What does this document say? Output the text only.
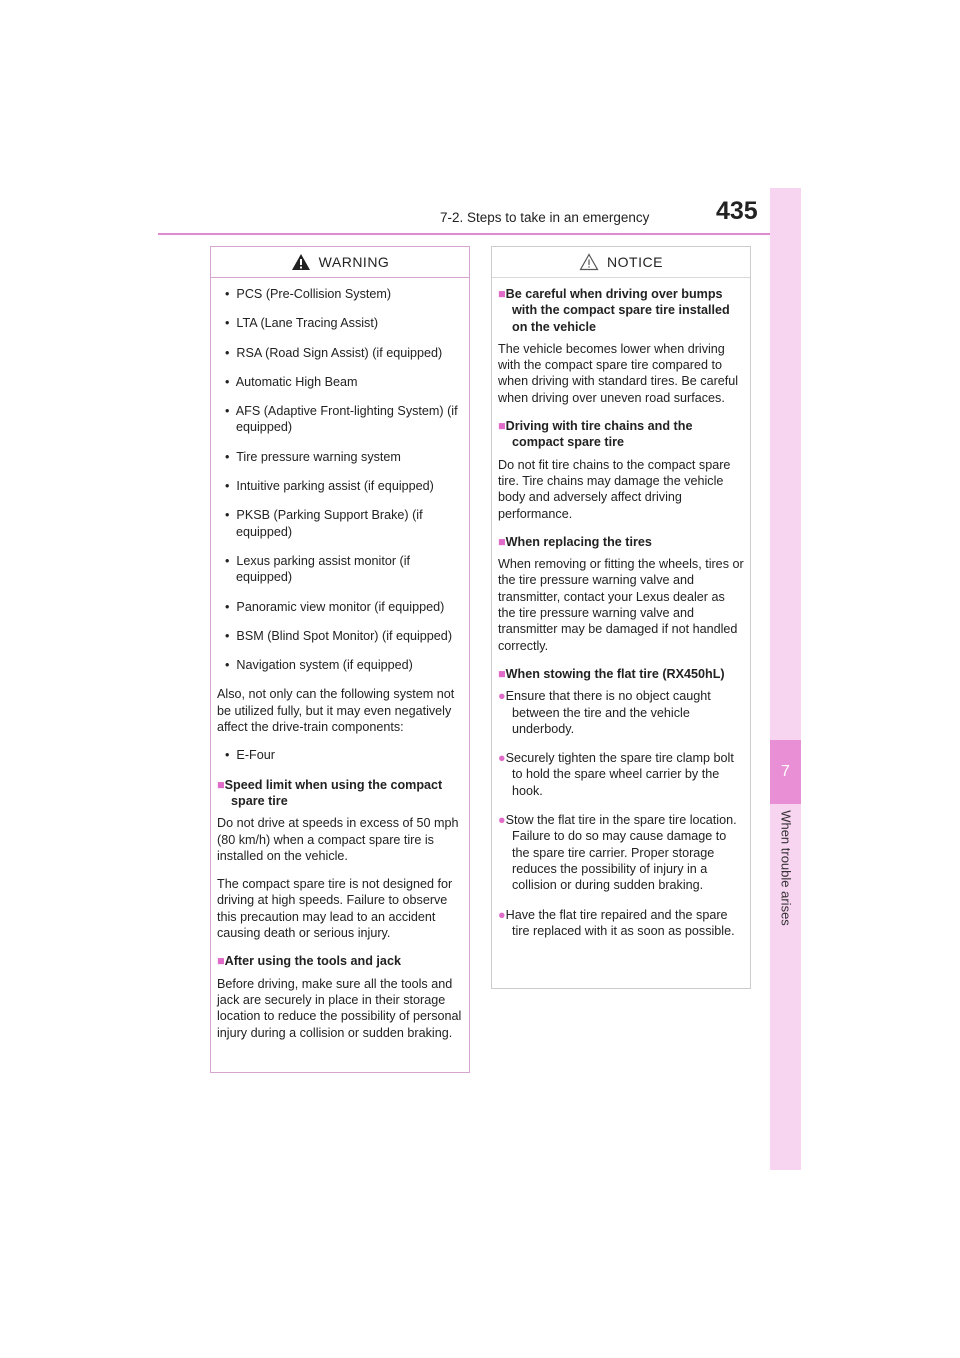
7-2. Steps to take in an emergency	435
7
When trouble arises
WARNING

• PCS (Pre-Collision System)

• LTA (Lane Tracing Assist)

• RSA (Road Sign Assist) (if equipped)

• Automatic High Beam

• AFS (Adaptive Front-lighting System) (if equipped)

• Tire pressure warning system

• Intuitive parking assist (if equipped)

• PKSB (Parking Support Brake) (if equipped)

• Lexus parking assist monitor (if equipped)

• Panoramic view monitor (if equipped)

• BSM (Blind Spot Monitor) (if equipped)

• Navigation system (if equipped)

Also, not only can the following system not be utilized fully, but it may even negatively affect the drive-train components:

• E-Four

■Speed limit when using the compact spare tire

Do not drive at speeds in excess of 50 mph (80 km/h) when a compact spare tire is installed on the vehicle.

The compact spare tire is not designed for driving at high speeds. Failure to observe this precaution may lead to an accident causing death or serious injury.

■After using the tools and jack

Before driving, make sure all the tools and jack are securely in place in their storage location to reduce the possibility of personal injury during a collision or sudden braking.

NOTICE

■Be careful when driving over bumps with the compact spare tire installed on the vehicle

The vehicle becomes lower when driving with the compact spare tire compared to when driving with standard tires. Be careful when driving over uneven road surfaces.

■Driving with tire chains and the compact spare tire

Do not fit tire chains to the compact spare tire. Tire chains may damage the vehicle body and adversely affect driving performance.

■When replacing the tires

When removing or fitting the wheels, tires or the tire pressure warning valve and transmitter, contact your Lexus dealer as the tire pressure warning valve and transmitter may be damaged if not handled correctly.

■When stowing the flat tire (RX450hL)

●Ensure that there is no object caught between the tire and the vehicle underbody.

●Securely tighten the spare tire clamp bolt to hold the spare wheel carrier by the hook.

●Stow the flat tire in the spare tire location. Failure to do so may cause damage to the spare tire carrier. Proper storage reduces the possibility of injury in a collision or during sudden braking.

●Have the flat tire repaired and the spare tire replaced with it as soon as possible.
